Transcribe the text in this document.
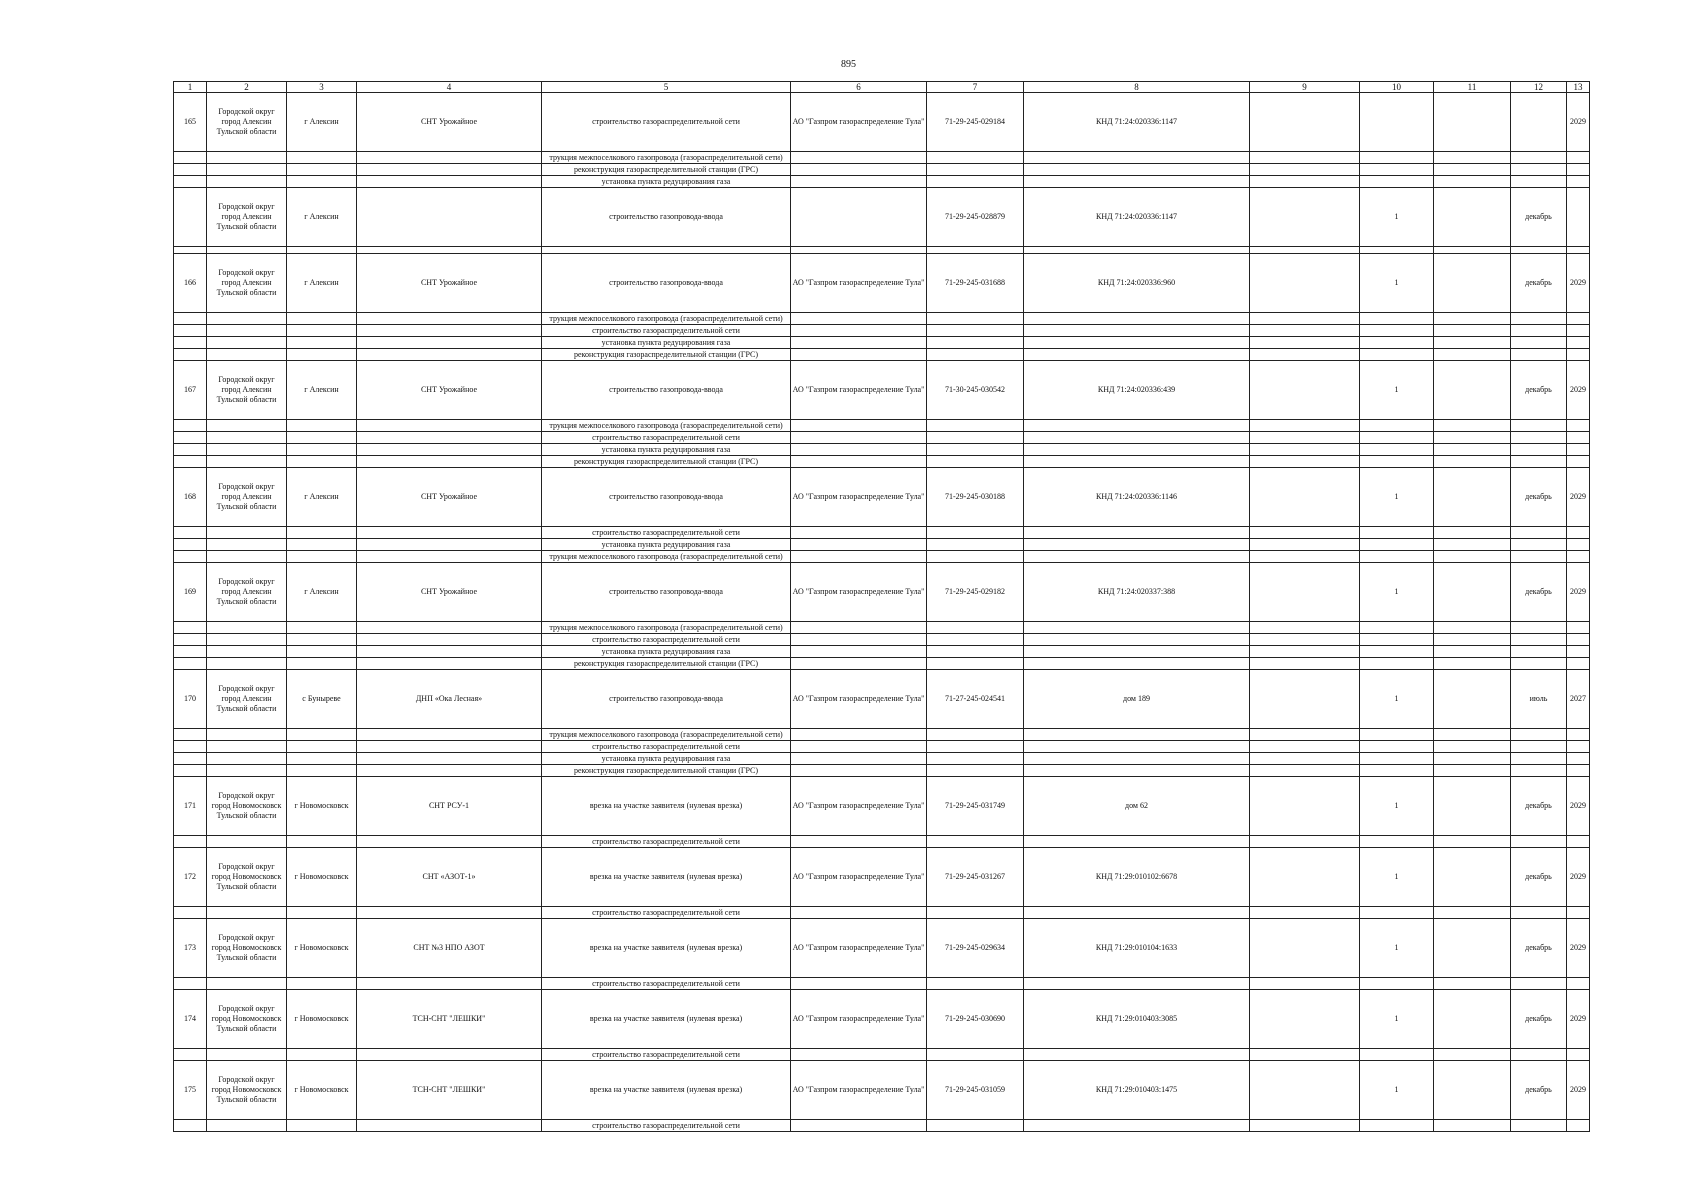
895
1	2	3	4	5	6	7	8	9	10	11	12	13
165	Городской округ город Алексин Тульской области	г Алексин	СНТ Урожайное	строительство газораспределительной сети	АО "Газпром газораспределение Тула"	71-29-245-029184	КНД 71:24:020336:1147					2029
				трукция межпоселкового газопровода (газораспределительной сети)								
				реконструкция газораспределительной станции (ГРС)								
				установка пункта редуцирования газа								
	Городской округ город Алексин Тульской области	г Алексин		строительство газопровода-ввода		71-29-245-028879	КНД 71:24:020336:1147		1		декабрь	

166	Городской округ город Алексин Тульской области	г Алексин	СНТ Урожайное	строительство газопровода-ввода	АО "Газпром газораспределение Тула"	71-29-245-031688	КНД 71:24:020336:960		1		декабрь	2029
				трукция межпоселкового газопровода (газораспределительной сети)								
				строительство газораспределительной сети								
				установка пункта редуцирования газа								
				реконструкция газораспределительной станции (ГРС)								
167	Городской округ город Алексин Тульской области	г Алексин	СНТ Урожайное	строительство газопровода-ввода	АО "Газпром газораспределение Тула"	71-30-245-030542	КНД 71:24:020336:439		1		декабрь	2029
				трукция межпоселкового газопровода (газораспределительной сети)								
				строительство газораспределительной сети								
				установка пункта редуцирования газа								
				реконструкция газораспределительной станции (ГРС)								
168	Городской округ город Алексин Тульской области	г Алексин	СНТ Урожайное	строительство газопровода-ввода	АО "Газпром газораспределение Тула"	71-29-245-030188	КНД 71:24:020336:1146		1		декабрь	2029
				строительство газораспределительной сети								
				установка пункта редуцирования газа								
				трукция межпоселкового газопровода (газораспределительной сети)								
169	Городской округ город Алексин Тульской области	г Алексин	СНТ Урожайное	строительство газопровода-ввода	АО "Газпром газораспределение Тула"	71-29-245-029182	КНД 71:24:020337:388		1		декабрь	2029
				трукция межпоселкового газопровода (газораспределительной сети)								
				строительство газораспределительной сети								
				установка пункта редуцирования газа								
				реконструкция газораспределительной станции (ГРС)								
170	Городской округ город Алексин Тульской области	с Буныреве	ДНП «Ока Лесная»	строительство газопровода-ввода	АО "Газпром газораспределение Тула"	71-27-245-024541	дом 189		1		июль	2027
				трукция межпоселкового газопровода (газораспределительной сети)								
				строительство газораспределительной сети								
				установка пункта редуцирования газа								
				реконструкция газораспределительной станции (ГРС)								
171	Городской округ город Новомосковск Тульской области	г Новомосковск	СНТ РСУ-1	врезка на участке заявителя (нулевая врезка)	АО "Газпром газораспределение Тула"	71-29-245-031749	дом 62		1		декабрь	2029
				строительство газораспределительной сети								
172	Городской округ город Новомосковск Тульской области	г Новомосковск	СНТ «АЗОТ-1»	врезка на участке заявителя (нулевая врезка)	АО "Газпром газораспределение Тула"	71-29-245-031267	КНД 71:29:010102:6678		1		декабрь	2029
				строительство газораспределительной сети								
173	Городской округ город Новомосковск Тульской области	г Новомосковск	СНТ №3 НПО АЗОТ	врезка на участке заявителя (нулевая врезка)	АО "Газпром газораспределение Тула"	71-29-245-029634	КНД 71:29:010104:1633		1		декабрь	2029
				строительство газораспределительной сети								
174	Городской округ город Новомосковск Тульской области	г Новомосковск	ТСН-СНТ "ЛЕШКИ"	врезка на участке заявителя (нулевая врезка)	АО "Газпром газораспределение Тула"	71-29-245-030690	КНД 71:29:010403:3085		1		декабрь	2029
				строительство газораспределительной сети								
175	Городской округ город Новомосковск Тульской области	г Новомосковск	ТСН-СНТ "ЛЕШКИ"	врезка на участке заявителя (нулевая врезка)	АО "Газпром газораспределение Тула"	71-29-245-031059	КНД 71:29:010403:1475		1		декабрь	2029
				строительство газораспределительной сети								
